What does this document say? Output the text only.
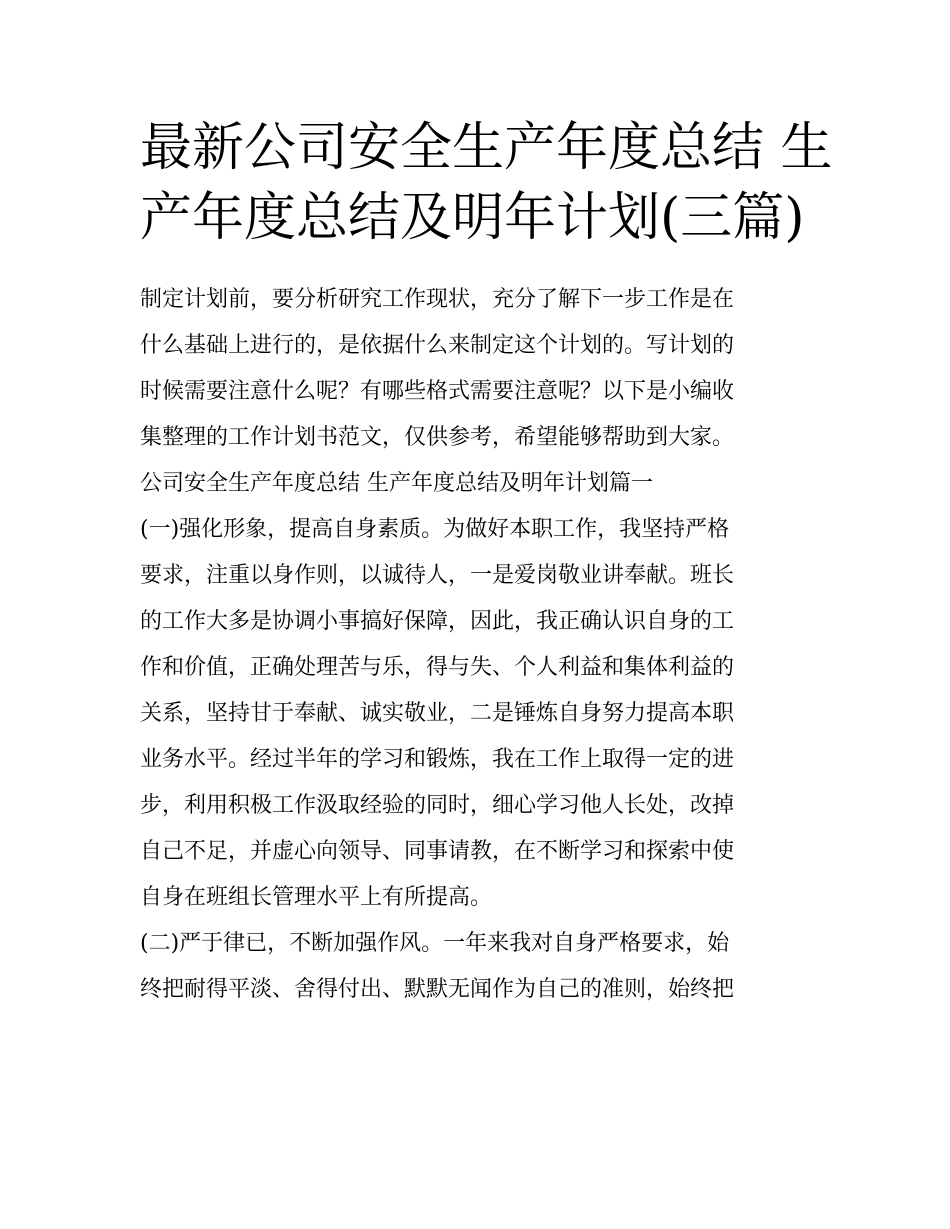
最新公司安全生产年度总结 生
产年度总结及明年计划(三篇)
制定计划前，要分析研究工作现状，充分了解下一步工作是在
什么基础上进行的，是依据什么来制定这个计划的。写计划的
时候需要注意什么呢？有哪些格式需要注意呢？以下是小编收
集整理的工作计划书范文，仅供参考，希望能够帮助到大家。
公司安全生产年度总结 生产年度总结及明年计划篇一
(一)强化形象，提高自身素质。为做好本职工作，我坚持严格
要求，注重以身作则，以诚待人，一是爱岗敬业讲奉献。班长
的工作大多是协调小事搞好保障，因此，我正确认识自身的工
作和价值，正确处理苦与乐，得与失、个人利益和集体利益的
关系，坚持甘于奉献、诚实敬业，二是锤炼自身努力提高本职
业务水平。经过半年的学习和锻炼，我在工作上取得一定的进
步，利用积极工作汲取经验的同时，细心学习他人长处，改掉
自己不足，并虚心向领导、同事请教，在不断学习和探索中使
自身在班组长管理水平上有所提高。
(二)严于律已，不断加强作风。一年来我对自身严格要求，始
终把耐得平淡、舍得付出、默默无闻作为自己的准则，始终把
